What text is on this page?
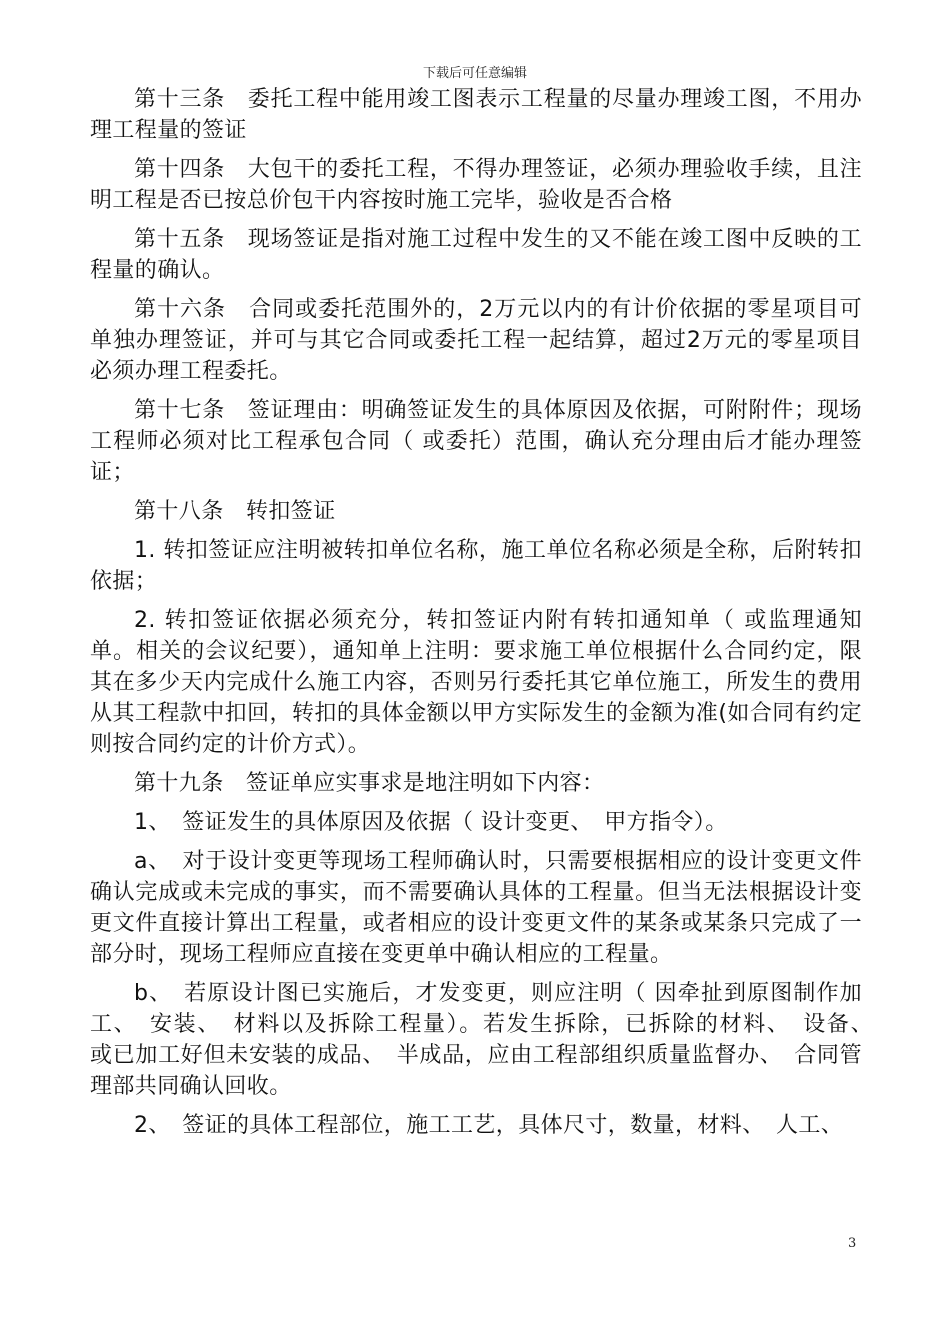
下载后可任意编辑

第十三条　委托工程中能用竣工图表示工程量的尽量办理竣工图，不用办理工程量的签证

第十四条　大包干的委托工程，不得办理签证，必须办理验收手续，且注明工程是否已按总价包干内容按时施工完毕，验收是否合格

第十五条　现场签证是指对施工过程中发生的又不能在竣工图中反映的工程量的确认。

第十六条　合同或委托范围外的，2万元以内的有计价依据的零星项目可单独办理签证，并可与其它合同或委托工程一起结算，超过2万元的零星项目必须办理工程委托。

第十七条　签证理由：明确签证发生的具体原因及依据，可附附件；现场工程师必须对比工程承包合同（ 或委托）范围，确认充分理由后才能办理签证；

第十八条　转扣签证

1. 转扣签证应注明被转扣单位名称，施工单位名称必须是全称，后附转扣依据；

2. 转扣签证依据必须充分，转扣签证内附有转扣通知单（ 或监理通知单。相关的会议纪要），通知单上注明：要求施工单位根据什么合同约定，限其在多少天内完成什么施工内容，否则另行委托其它单位施工，所发生的费用从其工程款中扣回，转扣的具体金额以甲方实际发生的金额为准(如合同有约定则按合同约定的计价方式）。

第十九条　签证单应实事求是地注明如下内容：

1、　签证发生的具体原因及依据（ 设计变更、　甲方指令）。

a、　对于设计变更等现场工程师确认时，只需要根据相应的设计变更文件确认完成或未完成的事实，而不需要确认具体的工程量。但当无法根据设计变更文件直接计算出工程量，或者相应的设计变更文件的某条或某条只完成了一部分时，现场工程师应直接在变更单中确认相应的工程量。

b、　若原设计图已实施后，才发变更，则应注明（ 因牵扯到原图制作加工、　安装、　材料以及拆除工程量）。若发生拆除，已拆除的材料、　设备、　或已加工好但未安装的成品、　半成品，应由工程部组织质量监督办、　合同管理部共同确认回收。

2、　签证的具体工程部位，施工工艺，具体尺寸，数量，材料、　人工、

3
